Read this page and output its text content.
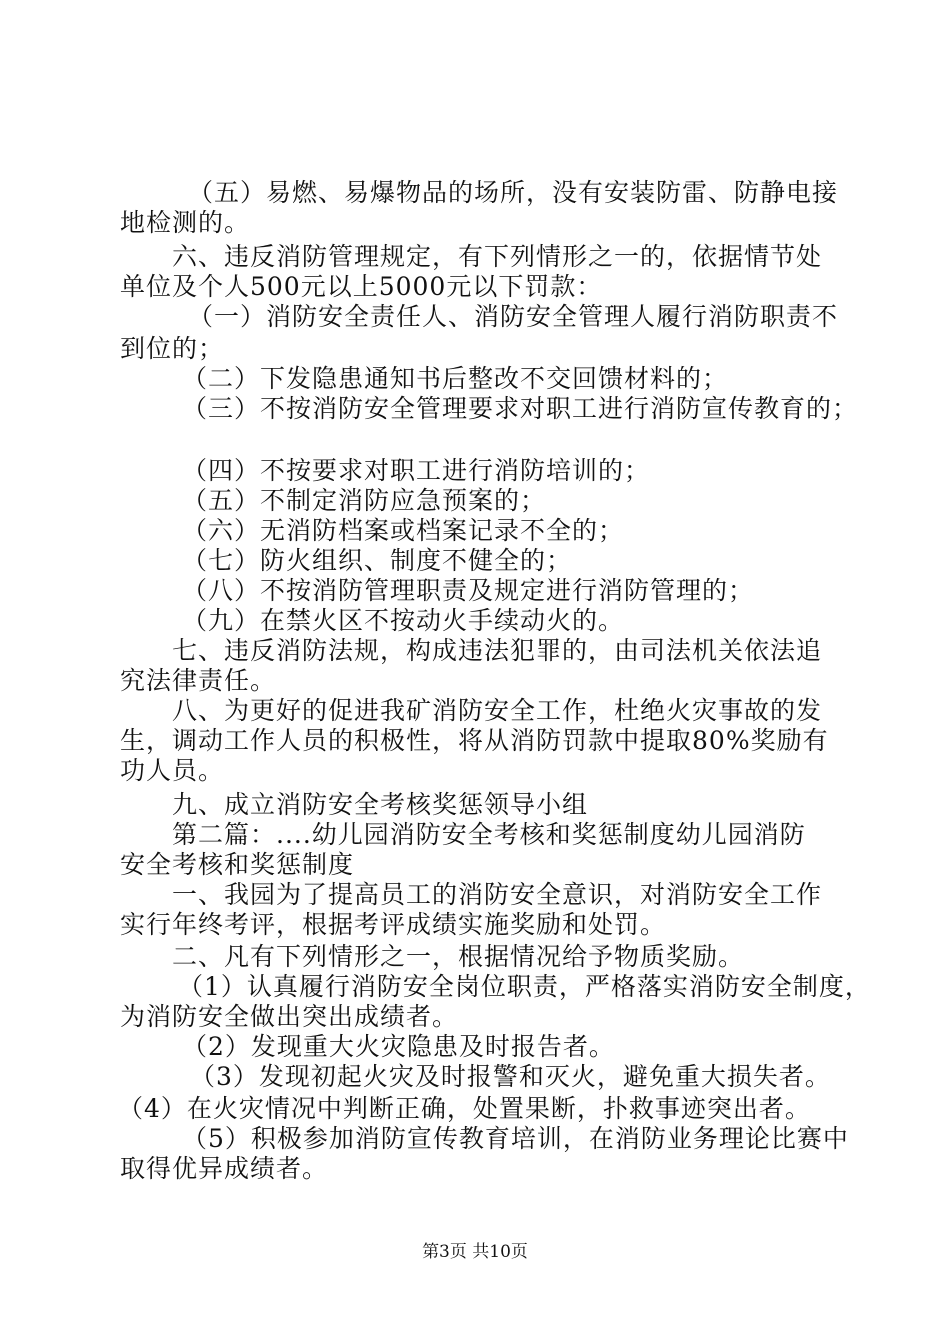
（五）易燃、易爆物品的场所，没有安装防雷、防静电接
地检测的。
六、违反消防管理规定，有下列情形之一的，依据情节处
单位及个人500元以上5000元以下罚款：
（一）消防安全责任人、消防安全管理人履行消防职责不
到位的；
（二）下发隐患通知书后整改不交回馈材料的；
（三）不按消防安全管理要求对职工进行消防宣传教育的；
（四）不按要求对职工进行消防培训的；
（五）不制定消防应急预案的；
（六）无消防档案或档案记录不全的；
（七）防火组织、制度不健全的；
（八）不按消防管理职责及规定进行消防管理的；
（九）在禁火区不按动火手续动火的。
七、违反消防法规，构成违法犯罪的，由司法机关依法追
究法律责任。
八、为更好的促进我矿消防安全工作，杜绝火灾事故的发
生，调动工作人员的积极性，将从消防罚款中提取80%奖励有
功人员。
九、成立消防安全考核奖惩领导小组
第二篇：....幼儿园消防安全考核和奖惩制度幼儿园消防
安全考核和奖惩制度
一、我园为了提高员工的消防安全意识，对消防安全工作
实行年终考评，根据考评成绩实施奖励和处罚。
二、凡有下列情形之一，根据情况给予物质奖励。
（1）认真履行消防安全岗位职责，严格落实消防安全制度，
为消防安全做出突出成绩者。
（2）发现重大火灾隐患及时报告者。
（3）发现初起火灾及时报警和灭火，避免重大损失者。
（4）在火灾情况中判断正确，处置果断，扑救事迹突出者。
（5）积极参加消防宣传教育培训，在消防业务理论比赛中
取得优异成绩者。
第3页 共10页
